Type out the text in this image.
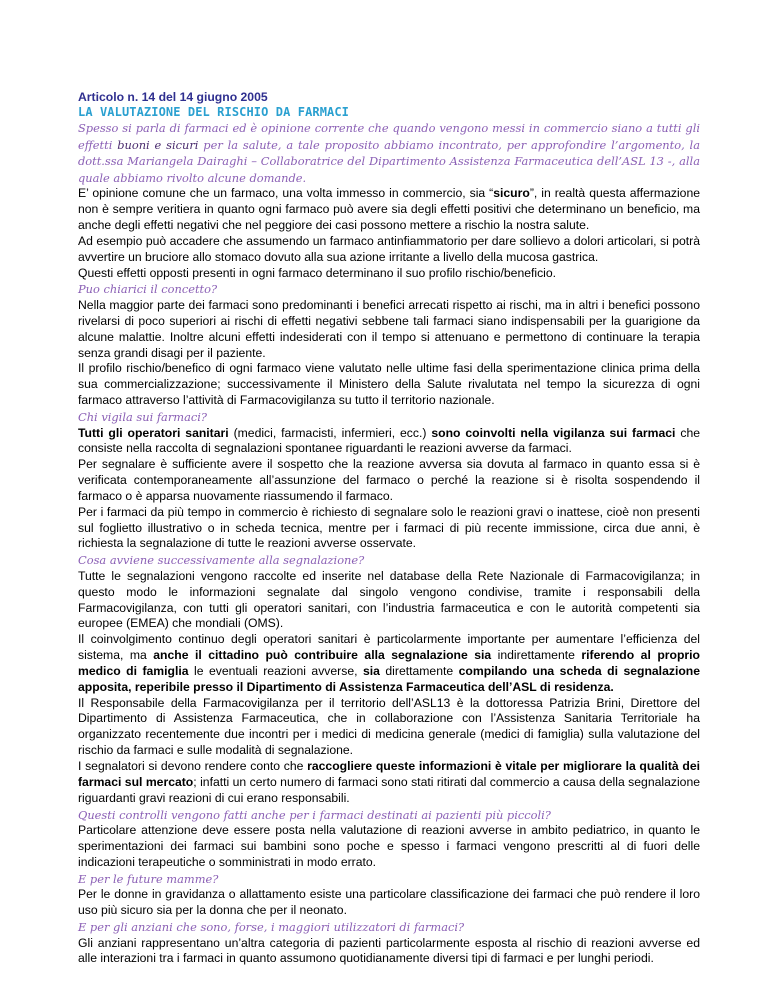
Articolo n. 14 del 14 giugno 2005

LA VALUTAZIONE DEL RISCHIO DA FARMACI

Spesso si parla di farmaci ed è opinione corrente che quando vengono messi in commercio siano a tutti gli effetti buoni e sicuri per la salute, a tale proposito abbiamo incontrato, per approfondire l’argomento, la dott.ssa Mariangela Dairaghi – Collaboratrice del Dipartimento Assistenza Farmaceutica dell’ASL 13 -, alla quale abbiamo rivolto alcune domande.

E’ opinione comune che un farmaco, una volta immesso in commercio, sia “sicuro”, in realtà questa affermazione non è sempre veritiera in quanto ogni farmaco può avere sia degli effetti positivi che determinano un beneficio, ma anche degli effetti negativi che nel peggiore dei casi possono mettere a rischio la nostra salute.

Ad esempio può accadere che assumendo un farmaco antinfiammatorio per dare sollievo a dolori articolari, si potrà avvertire un bruciore allo stomaco dovuto alla sua azione irritante a livello della mucosa gastrica.

Questi effetti opposti presenti in ogni farmaco determinano il suo profilo rischio/beneficio.

Puo chiarici il concetto?

Nella maggior parte dei farmaci sono predominanti i benefici arrecati rispetto ai rischi, ma in altri i benefici possono rivelarsi di poco superiori ai rischi di effetti negativi sebbene tali farmaci siano indispensabili per la guarigione da alcune malattie. Inoltre alcuni effetti indesiderati con il tempo si attenuano e permettono di continuare la terapia senza grandi disagi per il paziente.

Il profilo rischio/benefico di ogni farmaco viene valutato nelle ultime fasi della sperimentazione clinica prima della sua commercializzazione; successivamente il Ministero della Salute rivalutata nel tempo la sicurezza di ogni farmaco attraverso l’attività di Farmacovigilanza su tutto il territorio nazionale.

Chi vigila sui farmaci?

Tutti gli operatori sanitari (medici, farmacisti, infermieri, ecc.) sono coinvolti nella vigilanza sui farmaci che consiste nella raccolta di segnalazioni spontanee riguardanti le reazioni avverse da farmaci.

Per segnalare è sufficiente avere il sospetto che la reazione avversa sia dovuta al farmaco in quanto essa si è verificata contemporaneamente all’assunzione del farmaco o perché la reazione si è risolta sospendendo il farmaco o è apparsa nuovamente riassumendo il farmaco.

Per i farmaci da più tempo in commercio è richiesto di segnalare solo le reazioni gravi o inattese, cioè non presenti sul foglietto illustrativo o in scheda tecnica, mentre per i farmaci di più recente immissione, circa due anni, è richiesta la segnalazione di tutte le reazioni avverse osservate.

Cosa avviene successivamente alla segnalazione?

Tutte le segnalazioni vengono raccolte ed inserite nel database della Rete Nazionale di Farmacovigilanza; in questo modo le informazioni segnalate dal singolo vengono condivise, tramite i responsabili della Farmacovigilanza, con tutti gli operatori sanitari, con l’industria farmaceutica e con le autorità competenti sia europee (EMEA) che mondiali (OMS).

Il coinvolgimento continuo degli operatori sanitari è particolarmente importante per aumentare l’efficienza del sistema, ma anche il cittadino può contribuire alla segnalazione sia indirettamente riferendo al proprio medico di famiglia le eventuali reazioni avverse, sia direttamente compilando una scheda di segnalazione apposita, reperibile presso il Dipartimento di Assistenza Farmaceutica dell’ASL di residenza.

Il Responsabile della Farmacovigilanza per il territorio dell’ASL13 è la dottoressa Patrizia Brini, Direttore del Dipartimento di Assistenza Farmaceutica, che in collaborazione con l’Assistenza Sanitaria Territoriale ha organizzato recentemente due incontri per i medici di medicina generale (medici di famiglia) sulla valutazione del rischio da farmaci e sulle modalità di segnalazione.

I segnalatori si devono rendere conto che raccogliere queste informazioni è vitale per migliorare la qualità dei farmaci sul mercato; infatti un certo numero di farmaci sono stati ritirati dal commercio a causa della segnalazione riguardanti gravi reazioni di cui erano responsabili.

Questi controlli vengono fatti anche per i farmaci destinati ai pazienti più piccoli?

Particolare attenzione deve essere posta nella valutazione di reazioni avverse in ambito pediatrico, in quanto le sperimentazioni dei farmaci sui bambini sono poche e spesso i farmaci vengono prescritti al di fuori delle indicazioni terapeutiche o somministrati in modo errato.

E per le future mamme?

Per le donne in gravidanza o allattamento esiste una particolare classificazione dei farmaci che può rendere il loro uso più sicuro sia per la donna che per il neonato.

E per gli anziani che sono, forse, i maggiori utilizzatori di farmaci?

Gli anziani rappresentano un’altra categoria di pazienti particolarmente esposta al rischio di reazioni avverse ed alle interazioni tra i farmaci in quanto assumono quotidianamente diversi tipi di farmaci e per lunghi periodi.
